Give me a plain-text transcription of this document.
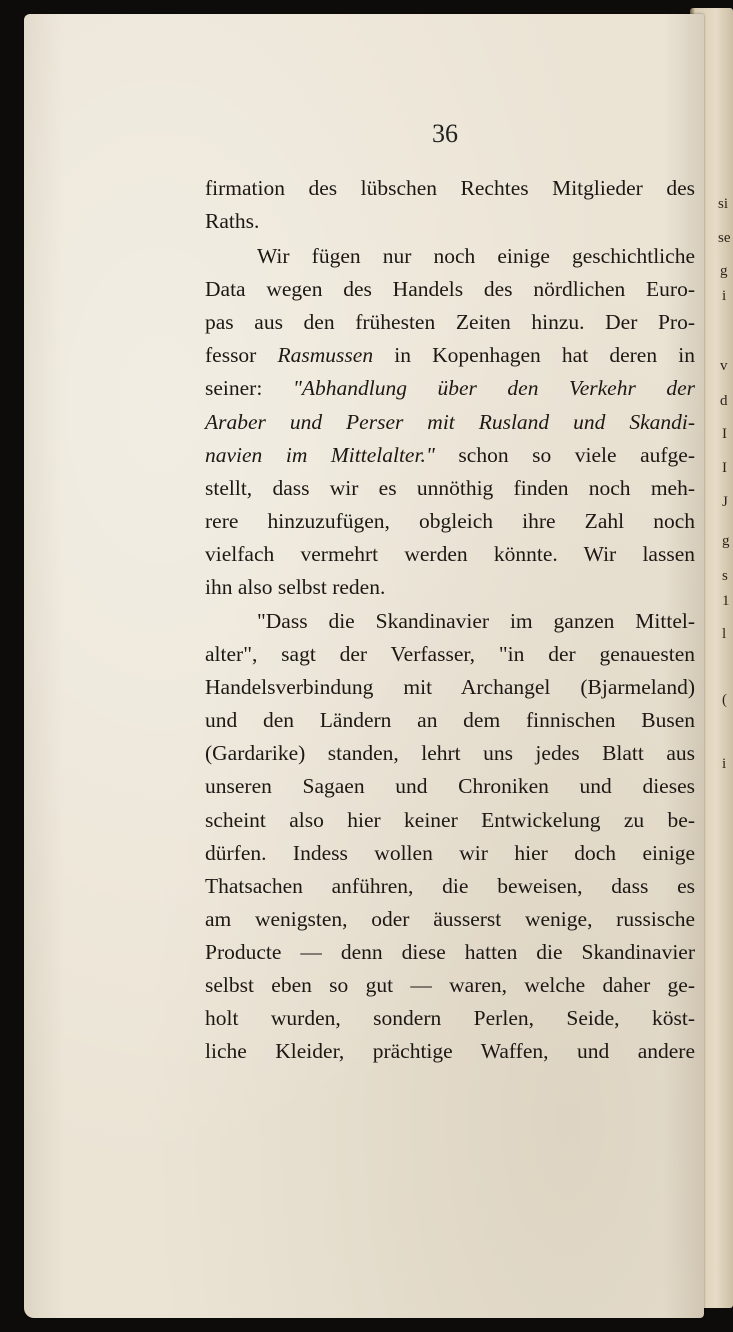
si
se
g
i
v
d
I
I
J
g
s
1
l
(
i
36
firmation des lübschen Rechtes Mitglieder des
Raths.
Wir fügen nur noch einige geschichtliche
Data wegen des Handels des nördlichen Euro-
pas aus den frühesten Zeiten hinzu. Der Pro-
fessor Rasmussen in Kopenhagen hat deren in
seiner: "Abhandlung über den Verkehr der
Araber und Perser mit Rusland und Skandi-
navien im Mittelalter." schon so viele aufge-
stellt, dass wir es unnöthig finden noch meh-
rere hinzuzufügen, obgleich ihre Zahl noch
vielfach vermehrt werden könnte. Wir lassen
ihn also selbst reden.
"Dass die Skandinavier im ganzen Mittel-
alter", sagt der Verfasser, "in der genauesten
Handelsverbindung mit Archangel (Bjarmeland)
und den Ländern an dem finnischen Busen
(Gardarike) standen, lehrt uns jedes Blatt aus
unseren Sagaen und Chroniken und dieses
scheint also hier keiner Entwickelung zu be-
dürfen. Indess wollen wir hier doch einige
Thatsachen anführen, die beweisen, dass es
am wenigsten, oder äusserst wenige, russische
Producte — denn diese hatten die Skandinavier
selbst eben so gut — waren, welche daher ge-
holt wurden, sondern Perlen, Seide, köst-
liche Kleider, prächtige Waffen, und andere
